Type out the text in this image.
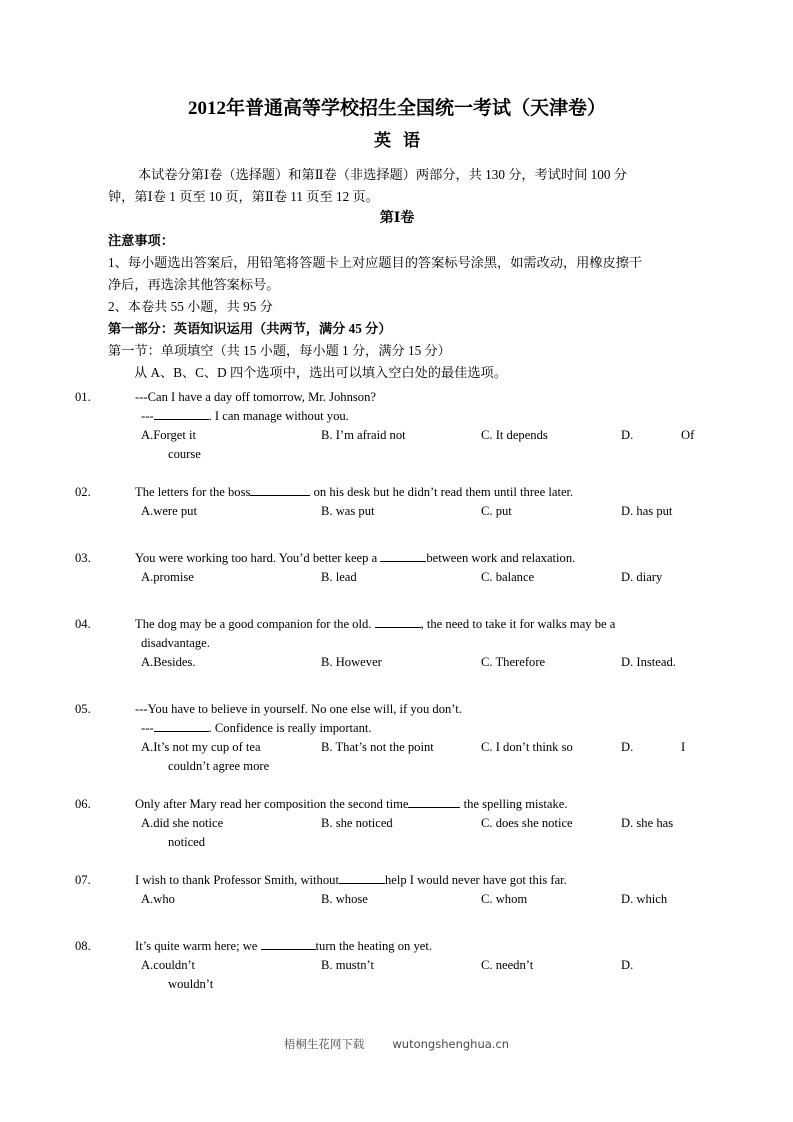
2012年普通高等学校招生全国统一考试（天津卷）
英 语

本试卷分第Ⅰ卷（选择题）和第Ⅱ卷（非选择题）两部分，共 130 分，考试时间 100 分

钟，第Ⅰ卷 1 页至 10 页，第Ⅱ卷 11 页至 12 页。

第Ⅰ卷

注意事项：

1、每小题选出答案后，用铅笔将答题卡上对应题目的答案标号涂黑，如需改动，用橡皮擦干

净后，再选涂其他答案标号。

2、本卷共 55 小题，共 95 分

第一部分：英语知识运用（共两节，满分 45 分）

第一节：单项填空（共 15 小题，每小题 1 分，满分 15 分）

从 A、B、C、D 四个选项中，选出可以填入空白处的最佳选项。

01.	---Can I have a day off tomorrow, Mr. Johnson?
---	. I can manage without you.
A.Forget it	B. I’m afraid not	C. It depends	D.	Of
course
02.	The letters for the boss	on his desk but he didn’t read them until three later.
A.were put	B. was put	C. put	D. has put
03.	You were working too hard. You’d better keep a	between work and relaxation.
A.promise	B. lead	C. balance	D. diary
04.	The dog may be a good companion for the old.	, the need to take it for walks may be a
disadvantage.
A.Besides.	B. However	C. Therefore	D. Instead.
05.	---You have to believe in yourself. No one else will, if you don’t.
---	. Confidence is really important.
A.It’s not my cup of tea	B. That’s not the point	C. I don’t think so	D.	I
couldn’t agree more
06.	Only after Mary read her composition the second time	the spelling mistake.
A.did she notice	B. she noticed	C. does she notice	D. she has
noticed
07.	I wish to thank Professor Smith, without	help I would never have got this far.
A.who	B. whose	C. whom	D. which
08.	It’s quite warm here; we	turn the heating on yet.
A.couldn’t	B. mustn’t	C. needn’t	D.
wouldn’t
梧桐生花网下载 wutongshenghua.cn
